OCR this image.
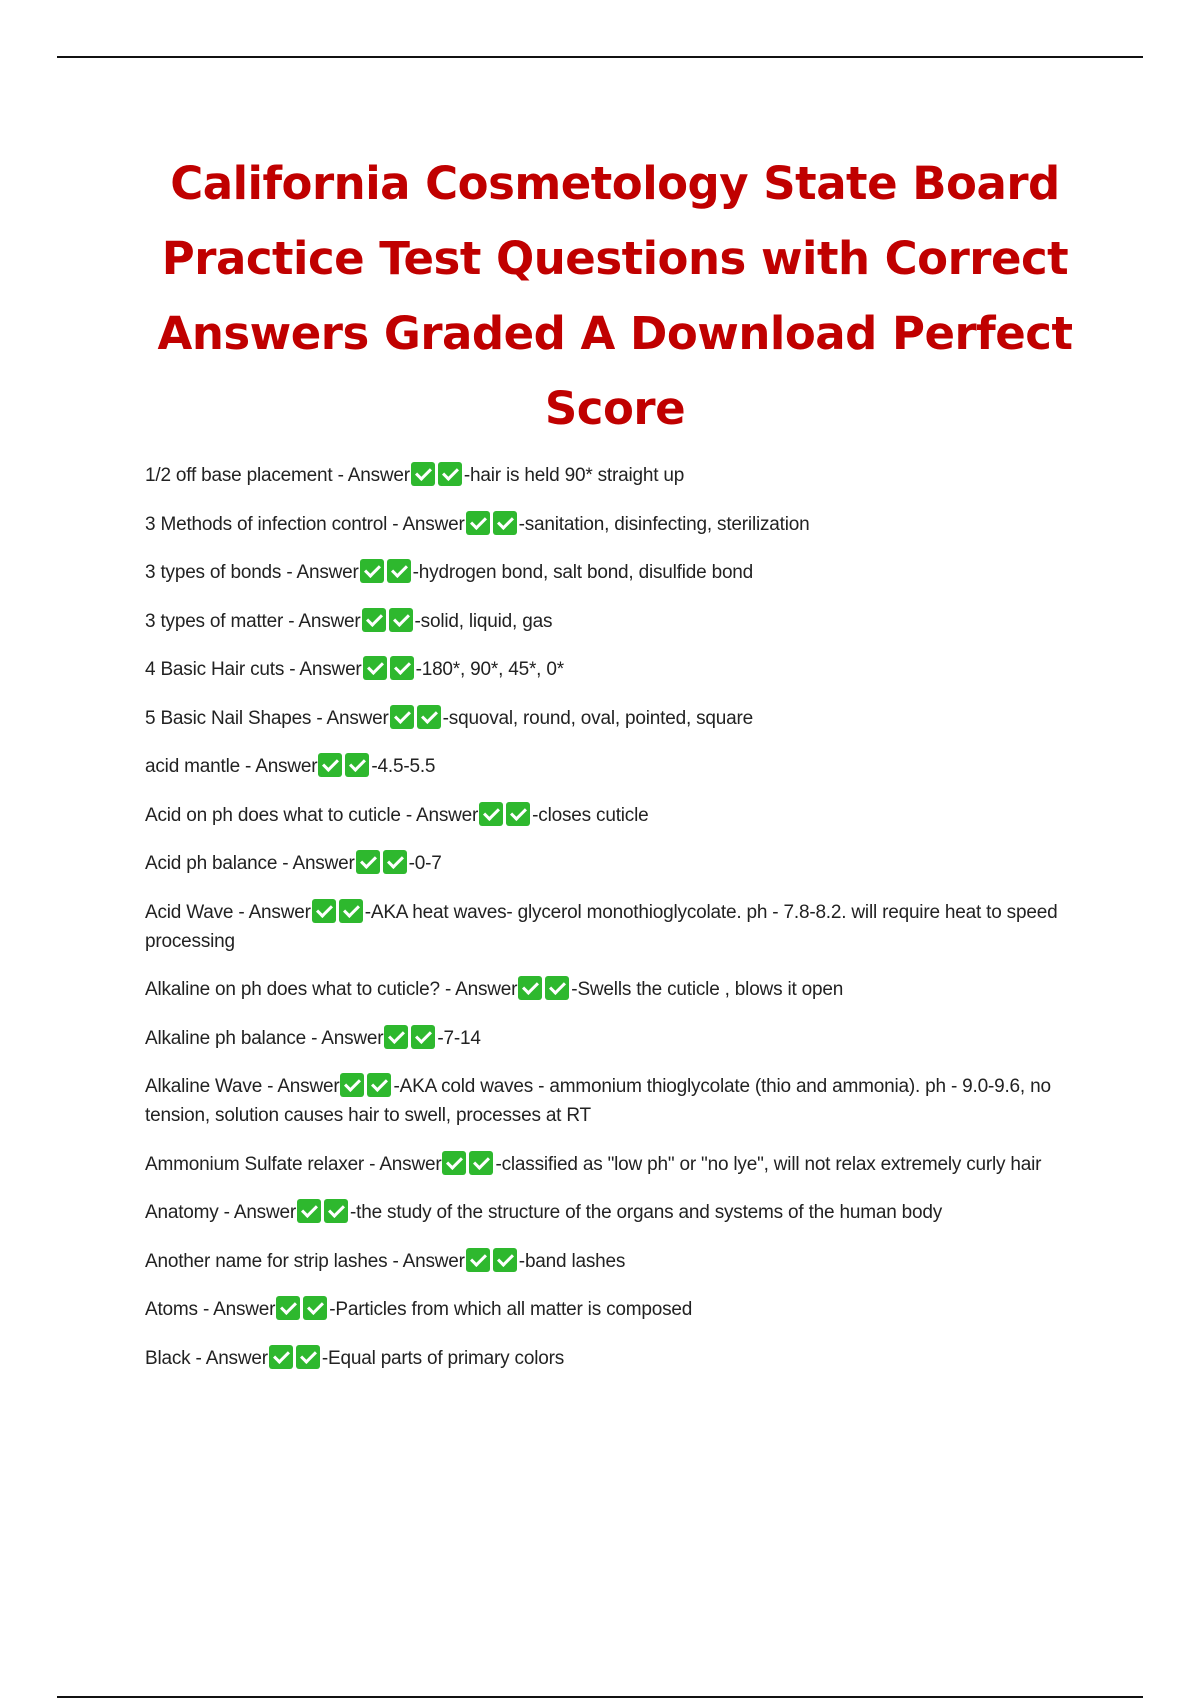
California Cosmetology State Board Practice Test Questions with Correct Answers Graded A Download Perfect Score
1/2 off base placement - Answer	-hair is held 90* straight up
3 Methods of infection control - Answer	-sanitation, disinfecting, sterilization
3 types of bonds - Answer	-hydrogen bond, salt bond, disulfide bond
3 types of matter - Answer	-solid, liquid, gas
4 Basic Hair cuts - Answer	-180*, 90*, 45*, 0*
5 Basic Nail Shapes - Answer	-squoval, round, oval, pointed, square
acid mantle - Answer	-4.5-5.5
Acid on ph does what to cuticle - Answer	-closes cuticle
Acid ph balance - Answer	-0-7
Acid Wave - Answer	-AKA heat waves- glycerol monothioglycolate. ph - 7.8-8.2. will require heat to speed processing
Alkaline on ph does what to cuticle? - Answer	-Swells the cuticle , blows it open
Alkaline ph balance - Answer	-7-14
Alkaline Wave - Answer	-AKA cold waves - ammonium thioglycolate (thio and ammonia). ph - 9.0-9.6, no tension, solution causes hair to swell, processes at RT
Ammonium Sulfate relaxer - Answer	-classified as "low ph" or "no lye", will not relax extremely curly hair
Anatomy - Answer	-the study of the structure of the organs and systems of the human body
Another name for strip lashes - Answer	-band lashes
Atoms - Answer	-Particles from which all matter is composed
Black - Answer	-Equal parts of primary colors
